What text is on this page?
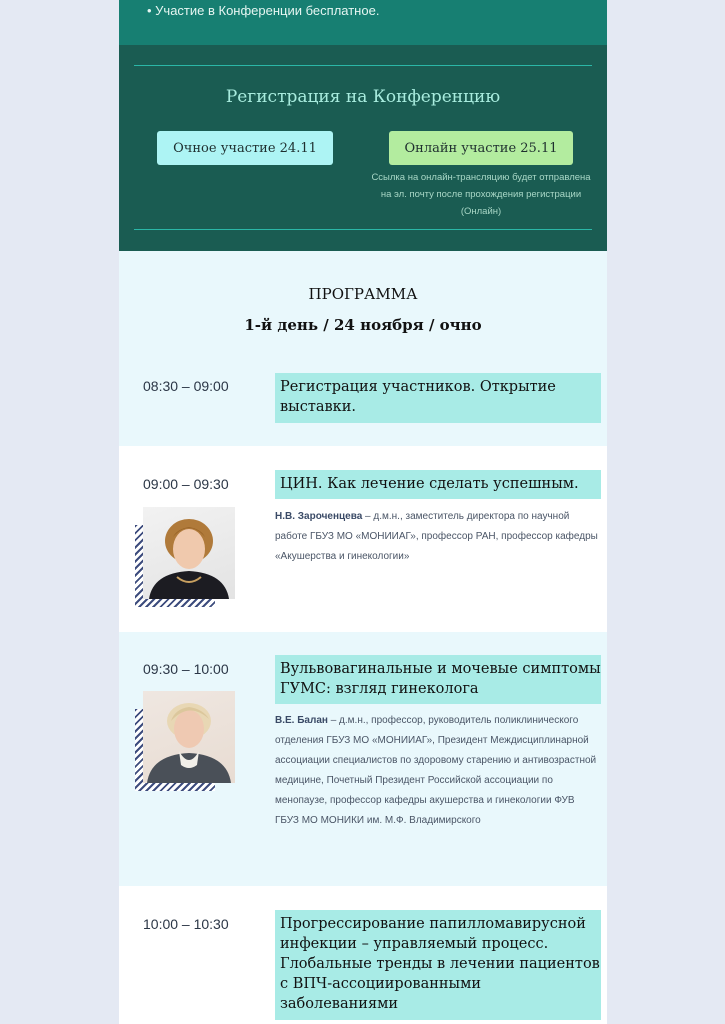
• Участие в Конференции бесплатное.
Регистрация на Конференцию
Очное участие 24.11	Онлайн участие 25.11
Ссылка на онлайн-трансляцию будет отправлена на эл. почту после прохождения регистрации (Онлайн)
ПРОГРАММА
1-й день / 24 ноября / очно
08:30 – 09:00	Регистрация участников. Открытие выставки.
09:00 – 09:30	ЦИН. Как лечение сделать успешным.
Н.В. Зароченцева – д.м.н., заместитель директора по научной работе ГБУЗ МО «МОНИИАГ», профессор РАН, профессор кафедры «Акушерства и гинекологии»
09:30 – 10:00	Вульвовагинальные и мочевые симптомы ГУМС: взгляд гинеколога
В.Е. Балан – д.м.н., профессор, руководитель поликлинического отделения ГБУЗ МО «МОНИИАГ», Президент Междисциплинарной ассоциации специалистов по здоровому старению и антивозрастной медицине, Почетный Президент Российской ассоциации по менопаузе, профессор кафедры акушерства и гинекологии ФУВ ГБУЗ МО МОНИКИ им. М.Ф. Владимирского
10:00 – 10:30	Прогрессирование папилломавирусной инфекции – управляемый процесс. Глобальные тренды в лечении пациентов с ВПЧ-ассоциированными заболеваниями
